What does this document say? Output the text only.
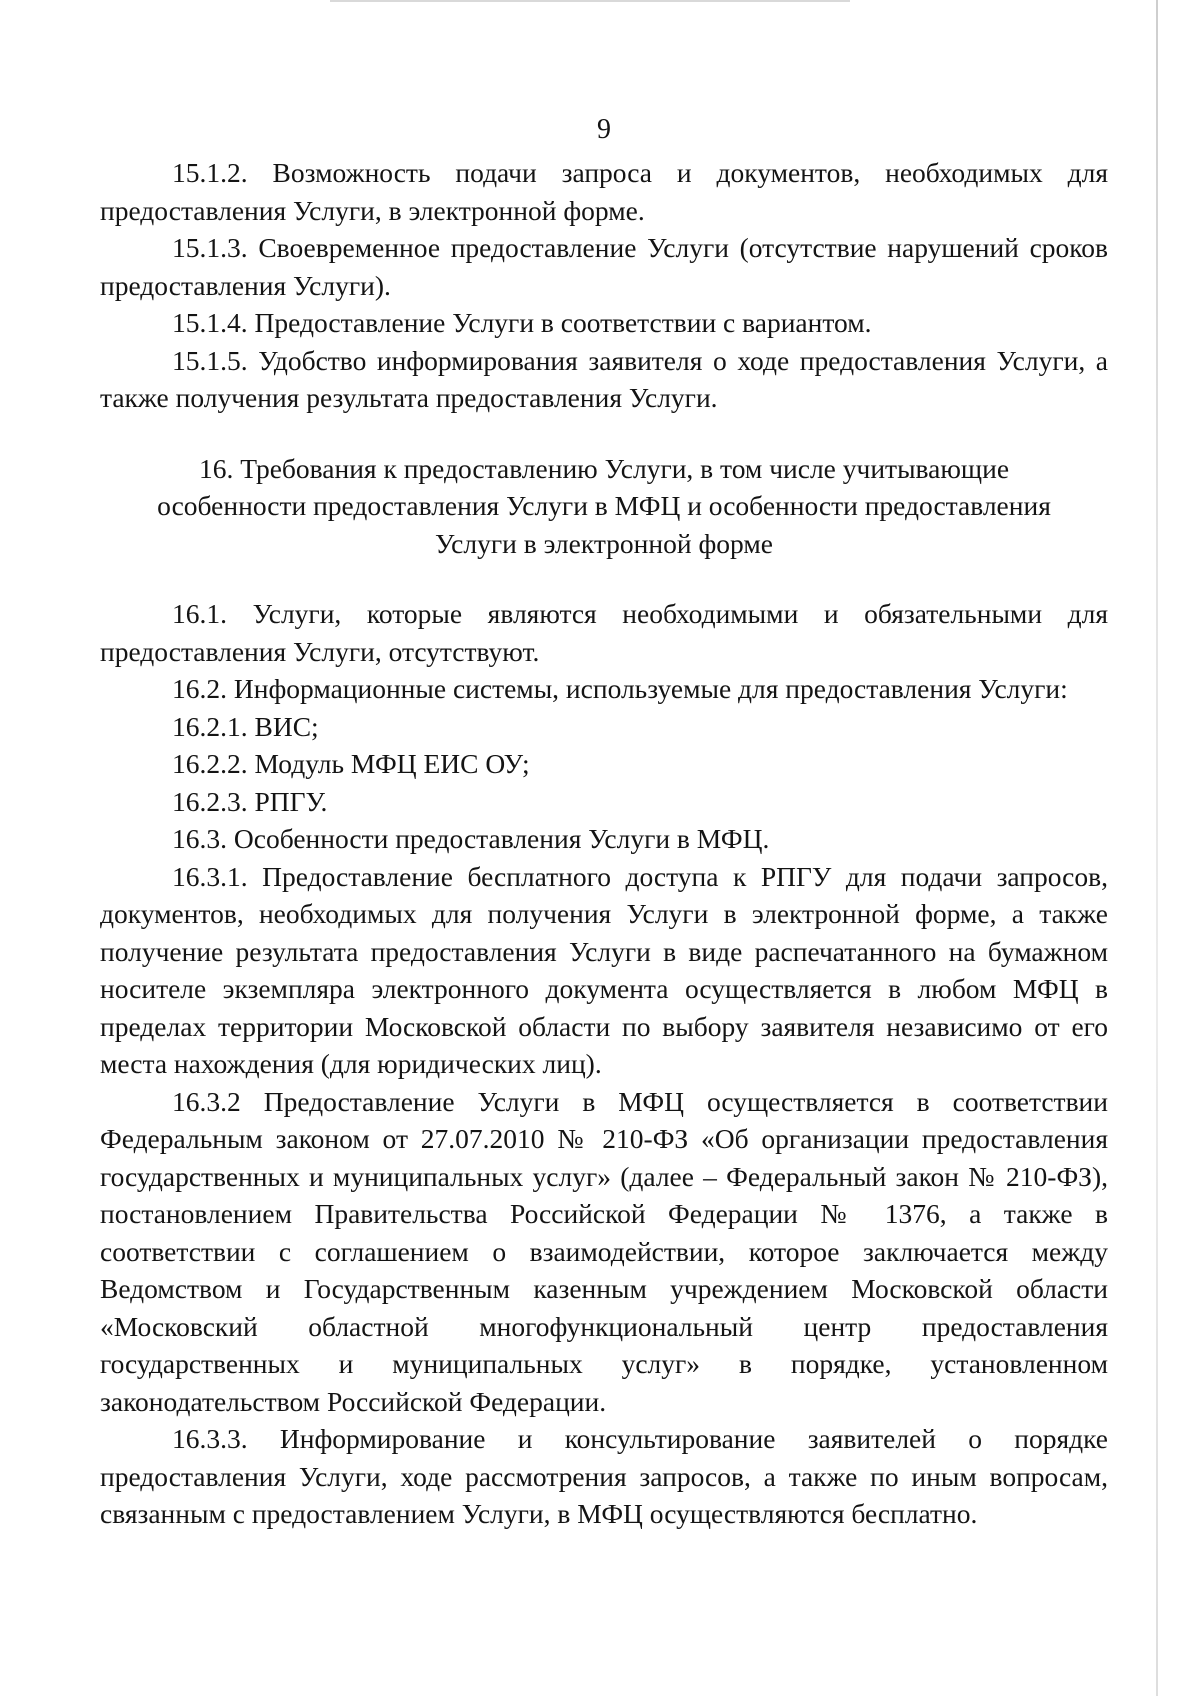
9

15.1.2. Возможность подачи запроса и документов, необходимых для предоставления Услуги, в электронной форме.

15.1.3. Своевременное предоставление Услуги (отсутствие нарушений сроков предоставления Услуги).

15.1.4. Предоставление Услуги в соответствии с вариантом.

15.1.5. Удобство информирования заявителя о ходе предоставления Услуги, а также получения результата предоставления Услуги.

16. Требования к предоставлению Услуги, в том числе учитывающие
особенности предоставления Услуги в МФЦ и особенности предоставления
Услуги в электронной форме

16.1. Услуги, которые являются необходимыми и обязательными для предоставления Услуги, отсутствуют.

16.2. Информационные системы, используемые для предоставления Услуги:

16.2.1. ВИС;

16.2.2. Модуль МФЦ ЕИС ОУ;

16.2.3. РПГУ.

16.3. Особенности предоставления Услуги в МФЦ.

16.3.1. Предоставление бесплатного доступа к РПГУ для подачи запросов, документов, необходимых для получения Услуги в электронной форме, а также получение результата предоставления Услуги в виде распечатанного на бумажном носителе экземпляра электронного документа осуществляется в любом МФЦ в пределах территории Московской области по выбору заявителя независимо от его места нахождения (для юридических лиц).

16.3.2 Предоставление Услуги в МФЦ осуществляется в соответствии Федеральным законом от 27.07.2010 № 210-ФЗ «Об организации предоставления государственных и муниципальных услуг» (далее – Федеральный закон № 210-ФЗ), постановлением Правительства Российской Федерации № 1376, а также в соответствии с соглашением о взаимодействии, которое заключается между Ведомством и Государственным казенным учреждением Московской области «Московский областной многофункциональный центр предоставления государственных и муниципальных услуг» в порядке, установленном законодательством Российской Федерации.

16.3.3. Информирование и консультирование заявителей о порядке предоставления Услуги, ходе рассмотрения запросов, а также по иным вопросам, связанным с предоставлением Услуги, в МФЦ осуществляются бесплатно.
